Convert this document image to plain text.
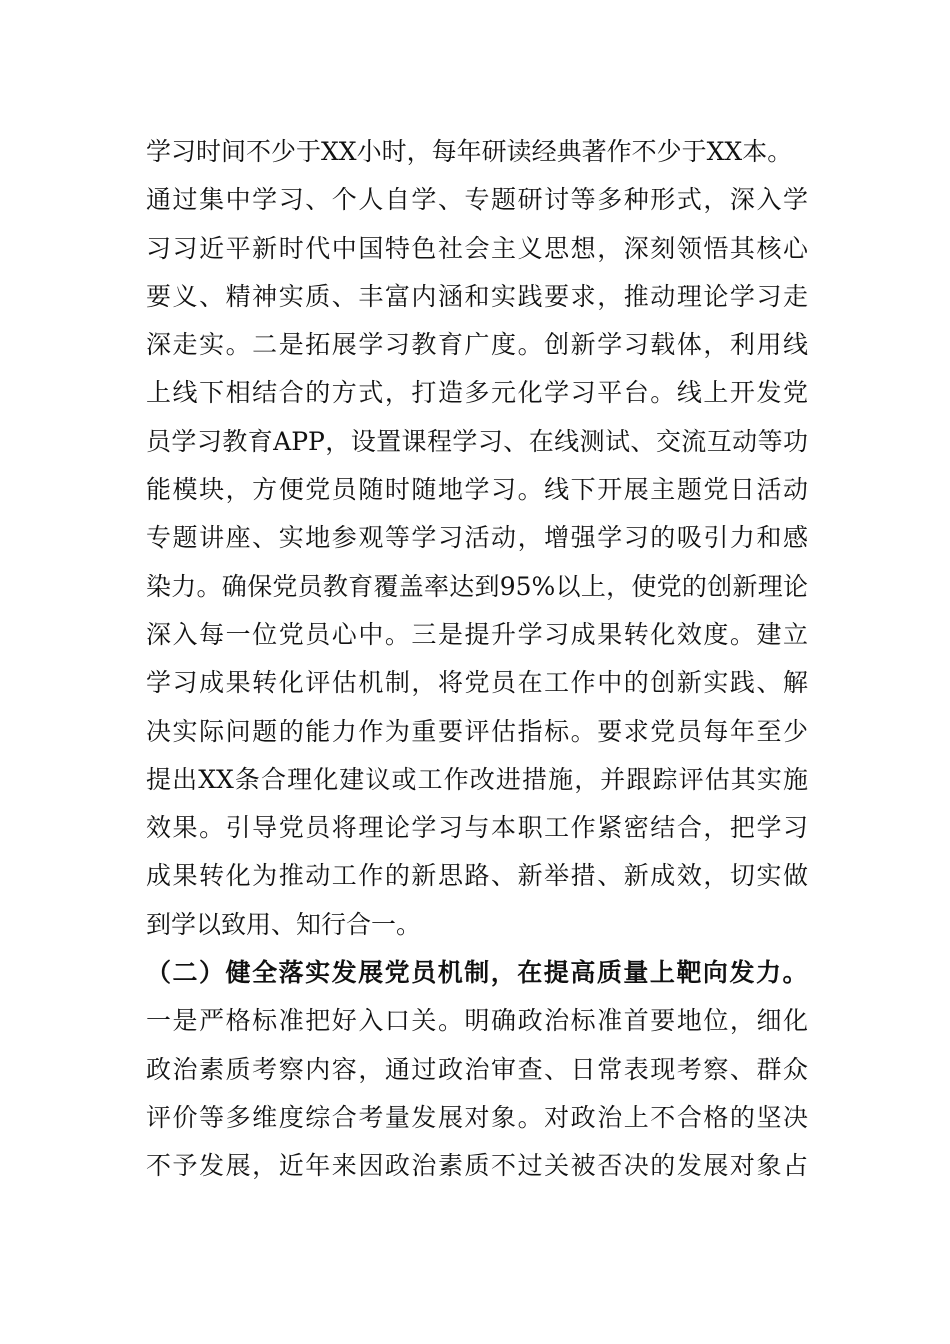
学习时间不少于XX小时，每年研读经典著作不少于XX本。
通过集中学习、个人自学、专题研讨等多种形式，深入学
习习近平新时代中国特色社会主义思想，深刻领悟其核心
要义、精神实质、丰富内涵和实践要求，推动理论学习走
深走实。二是拓展学习教育广度。创新学习载体，利用线
上线下相结合的方式，打造多元化学习平台。线上开发党
员学习教育APP，设置课程学习、在线测试、交流互动等功
能模块，方便党员随时随地学习。线下开展主题党日活动
专题讲座、实地参观等学习活动，增强学习的吸引力和感
染力。确保党员教育覆盖率达到95%以上，使党的创新理论
深入每一位党员心中。三是提升学习成果转化效度。建立
学习成果转化评估机制，将党员在工作中的创新实践、解
决实际问题的能力作为重要评估指标。要求党员每年至少
提出XX条合理化建议或工作改进措施，并跟踪评估其实施
效果。引导党员将理论学习与本职工作紧密结合，把学习
成果转化为推动工作的新思路、新举措、新成效，切实做
到学以致用、知行合一。
（二）健全落实发展党员机制，在提高质量上靶向发力。
一是严格标准把好入口关。明确政治标准首要地位，细化
政治素质考察内容，通过政治审查、日常表现考察、群众
评价等多维度综合考量发展对象。对政治上不合格的坚决
不予发展，近年来因政治素质不过关被否决的发展对象占
